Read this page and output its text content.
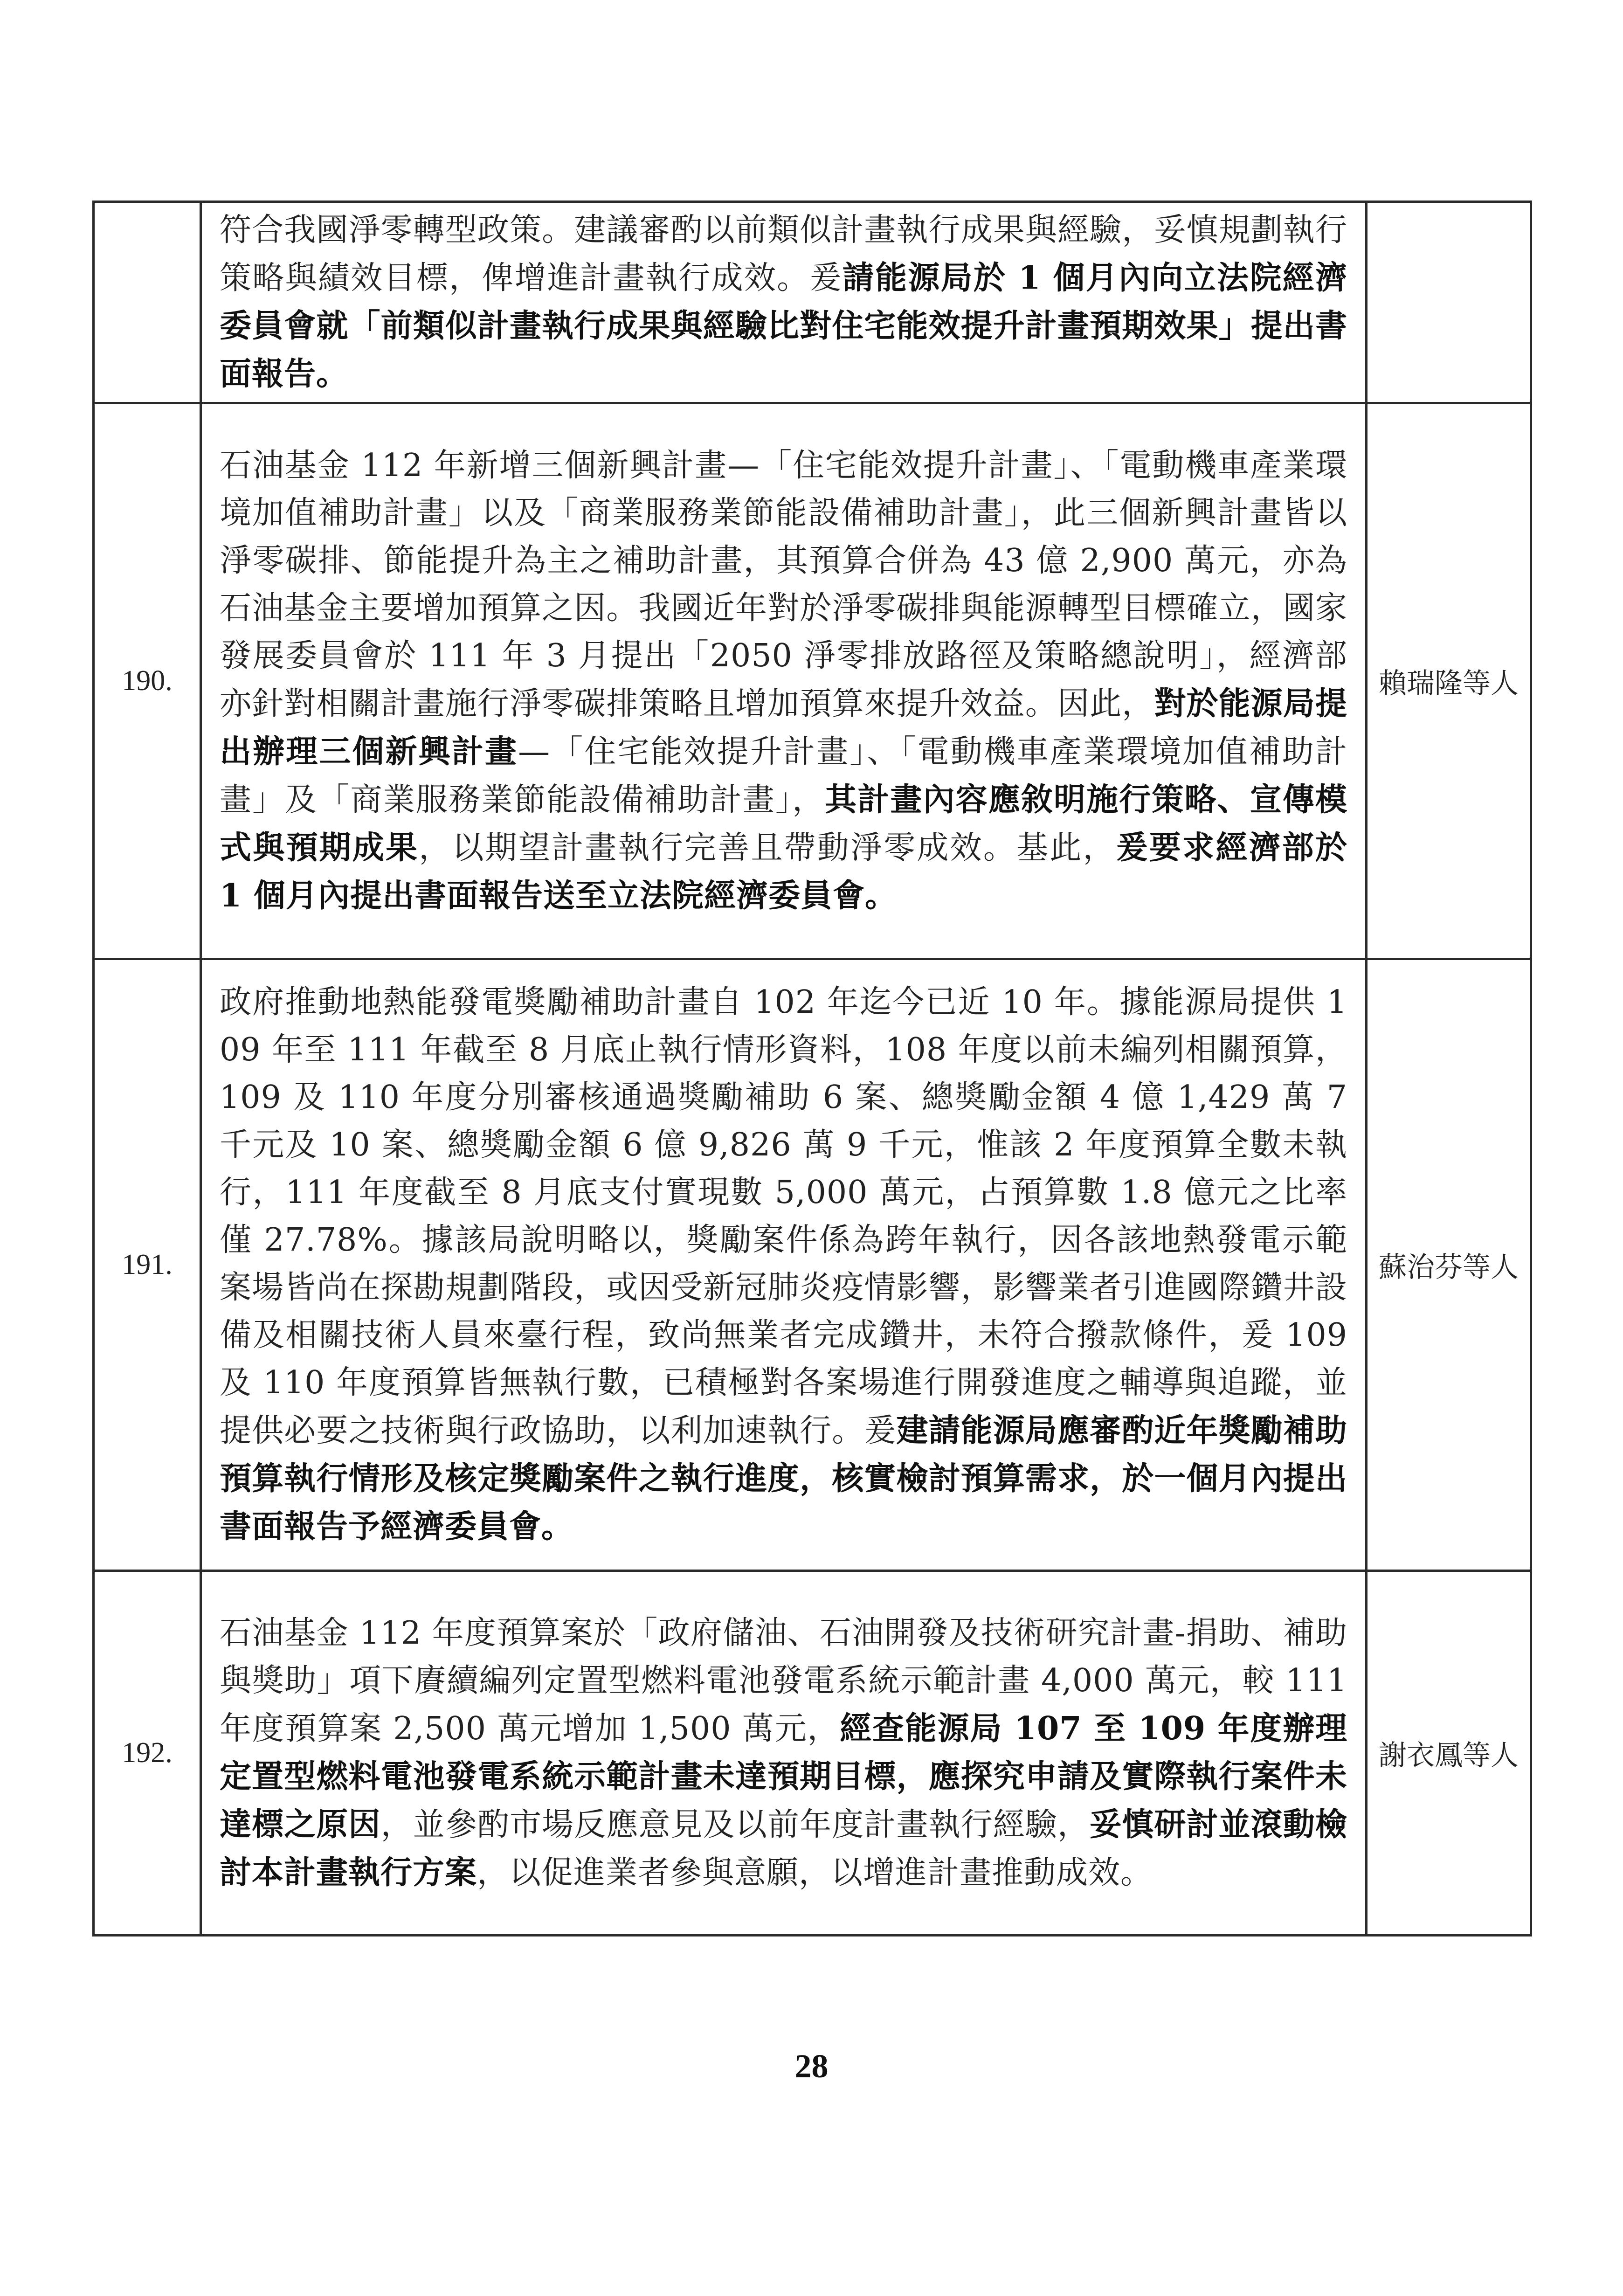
	符合我國淨零轉型政策。建議審酌以前類似計畫執行成果與經驗，妥慎規劃執行策略與績效目標，俾增進計畫執行成效。爰請能源局於 1 個月內向立法院經濟委員會就「前類似計畫執行成果與經驗比對住宅能效提升計畫預期效果」提出書面報告。	
190.	石油基金 112 年新增三個新興計畫—「住宅能效提升計畫」、「電動機車產業環境加值補助計畫」以及「商業服務業節能設備補助計畫」，此三個新興計畫皆以淨零碳排、節能提升為主之補助計畫，其預算合併為 43 億 2,900 萬元，亦為石油基金主要增加預算之因。我國近年對於淨零碳排與能源轉型目標確立，國家發展委員會於 111 年 3 月提出「2050 淨零排放路徑及策略總說明」，經濟部亦針對相關計畫施行淨零碳排策略且增加預算來提升效益。因此，對於能源局提出辦理三個新興計畫—「住宅能效提升計畫」、「電動機車產業環境加值補助計畫」及「商業服務業節能設備補助計畫」，其計畫內容應敘明施行策略、宣傳模式與預期成果，以期望計畫執行完善且帶動淨零成效。基此，爰要求經濟部於 1 個月內提出書面報告送至立法院經濟委員會。	賴瑞隆等人
191.	政府推動地熱能發電獎勵補助計畫自 102 年迄今已近 10 年。據能源局提供 109 年至 111 年截至 8 月底止執行情形資料，108 年度以前未編列相關預算，109 及 110 年度分別審核通過獎勵補助 6 案、總獎勵金額 4 億 1,429 萬 7 千元及 10 案、總獎勵金額 6 億 9,826 萬 9 千元，惟該 2 年度預算全數未執行，111 年度截至 8 月底支付實現數 5,000 萬元，占預算數 1.8 億元之比率僅 27.78%。據該局說明略以，獎勵案件係為跨年執行，因各該地熱發電示範案場皆尚在探勘規劃階段，或因受新冠肺炎疫情影響，影響業者引進國際鑽井設備及相關技術人員來臺行程，致尚無業者完成鑽井，未符合撥款條件，爰 109 及 110 年度預算皆無執行數，已積極對各案場進行開發進度之輔導與追蹤，並提供必要之技術與行政協助，以利加速執行。爰建請能源局應審酌近年獎勵補助預算執行情形及核定獎勵案件之執行進度，核實檢討預算需求，於一個月內提出書面報告予經濟委員會。	蘇治芬等人
192.	石油基金 112 年度預算案於「政府儲油、石油開發及技術研究計畫-捐助、補助與獎助」項下賡續編列定置型燃料電池發電系統示範計畫 4,000 萬元，較 111 年度預算案 2,500 萬元增加 1,500 萬元，經查能源局 107 至 109 年度辦理定置型燃料電池發電系統示範計畫未達預期目標，應探究申請及實際執行案件未達標之原因，並參酌市場反應意見及以前年度計畫執行經驗，妥慎研討並滾動檢討本計畫執行方案，以促進業者參與意願，以增進計畫推動成效。	謝衣鳳等人
28
